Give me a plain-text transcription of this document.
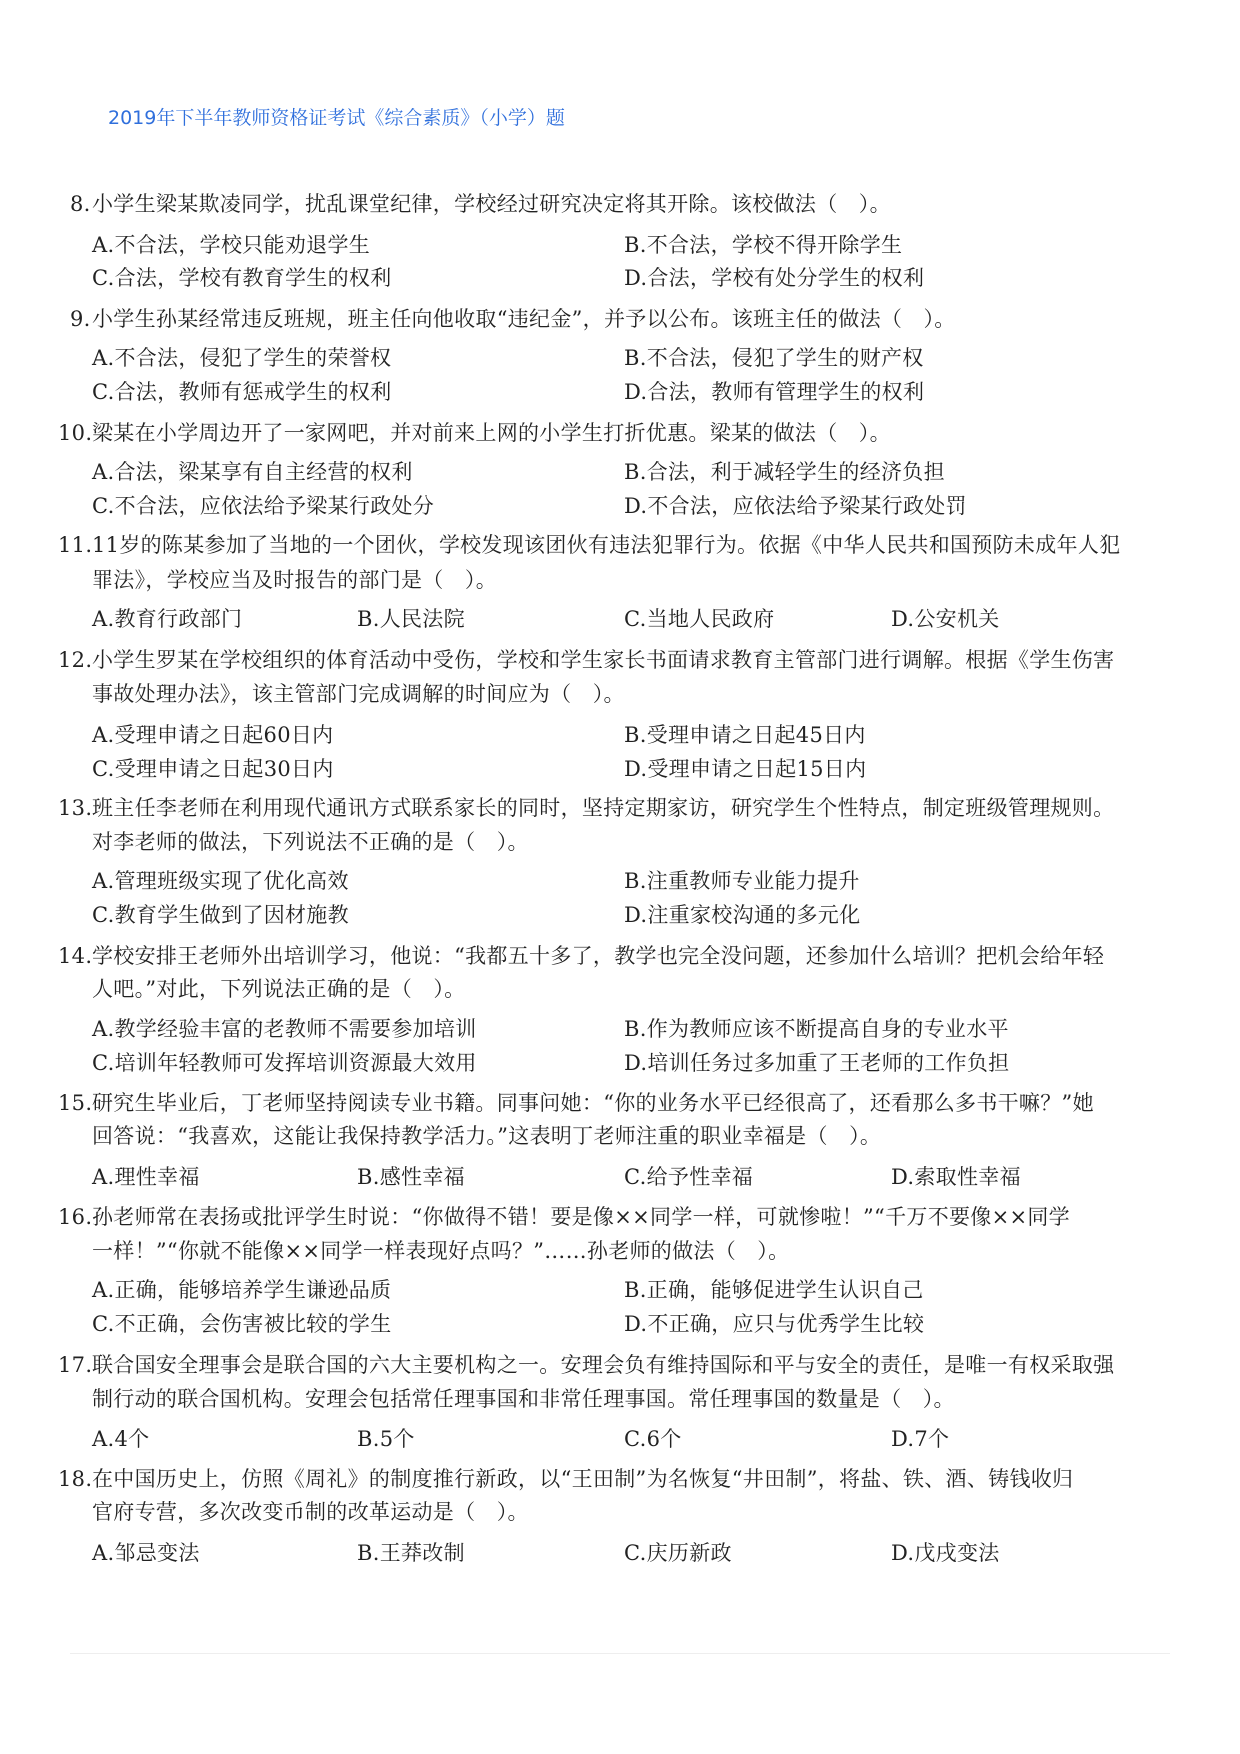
2019年下半年教师资格证考试《综合素质》（小学）题
8. 小学生梁某欺凌同学，扰乱课堂纪律，学校经过研究决定将其开除。该校做法（　）。
A.不合法，学校只能劝退学生	B.不合法，学校不得开除学生
C.合法，学校有教育学生的权利	D.合法，学校有处分学生的权利
9. 小学生孙某经常违反班规，班主任向他收取“违纪金”，并予以公布。该班主任的做法（　）。
A.不合法，侵犯了学生的荣誉权	B.不合法，侵犯了学生的财产权
C.合法，教师有惩戒学生的权利	D.合法，教师有管理学生的权利
10. 梁某在小学周边开了一家网吧，并对前来上网的小学生打折优惠。梁某的做法（　）。
A.合法，梁某享有自主经营的权利	B.合法，利于减轻学生的经济负担
C.不合法，应依法给予梁某行政处分	D.不合法，应依法给予梁某行政处罚
11. 11岁的陈某参加了当地的一个团伙，学校发现该团伙有违法犯罪行为。依据《中华人民共和国预防未成年人犯
罪法》，学校应当及时报告的部门是（　）。
A.教育行政部门	B.人民法院	C.当地人民政府	D.公安机关
12. 小学生罗某在学校组织的体育活动中受伤，学校和学生家长书面请求教育主管部门进行调解。根据《学生伤害
事故处理办法》，该主管部门完成调解的时间应为（　）。
A.受理申请之日起60日内	B.受理申请之日起45日内
C.受理申请之日起30日内	D.受理申请之日起15日内
13. 班主任李老师在利用现代通讯方式联系家长的同时，坚持定期家访，研究学生个性特点，制定班级管理规则。
对李老师的做法，下列说法不正确的是（　）。
A.管理班级实现了优化高效	B.注重教师专业能力提升
C.教育学生做到了因材施教	D.注重家校沟通的多元化
14. 学校安排王老师外出培训学习，他说：“我都五十多了，教学也完全没问题，还参加什么培训？把机会给年轻
人吧。”对此，下列说法正确的是（　）。
A.教学经验丰富的老教师不需要参加培训	B.作为教师应该不断提高自身的专业水平
C.培训年轻教师可发挥培训资源最大效用	D.培训任务过多加重了王老师的工作负担
15. 研究生毕业后，丁老师坚持阅读专业书籍。同事问她：“你的业务水平已经很高了，还看那么多书干嘛？”她
回答说：“我喜欢，这能让我保持教学活力。”这表明丁老师注重的职业幸福是（　）。
A.理性幸福	B.感性幸福	C.给予性幸福	D.索取性幸福
16. 孙老师常在表扬或批评学生时说：“你做得不错！要是像××同学一样，可就惨啦！”“千万不要像××同学
一样！”“你就不能像××同学一样表现好点吗？”……孙老师的做法（　）。
A.正确，能够培养学生谦逊品质	B.正确，能够促进学生认识自己
C.不正确，会伤害被比较的学生	D.不正确，应只与优秀学生比较
17. 联合国安全理事会是联合国的六大主要机构之一。安理会负有维持国际和平与安全的责任，是唯一有权采取强
制行动的联合国机构。安理会包括常任理事国和非常任理事国。常任理事国的数量是（　）。
A.4个	B.5个	C.6个	D.7个
18. 在中国历史上，仿照《周礼》的制度推行新政，以“王田制”为名恢复“井田制”，将盐、铁、酒、铸钱收归
官府专营，多次改变币制的改革运动是（　）。
A.邹忌变法	B.王莽改制	C.庆历新政	D.戊戌变法
